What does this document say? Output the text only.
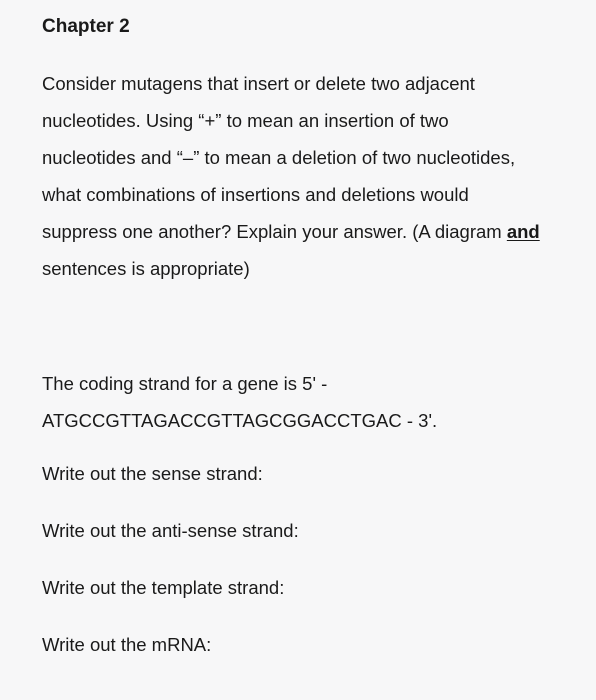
Chapter 2

Consider mutagens that insert or delete two adjacent nucleotides. Using “+” to mean an insertion of two nucleotides and “–” to mean a deletion of two nucleotides, what combinations of insertions and deletions would suppress one another? Explain your answer. (A diagram and sentences is appropriate)

The coding strand for a gene is 5' -
ATGCCGTTAGACCGTTAGCGGACCTGAC - 3'.

Write out the sense strand:

Write out the anti-sense strand:

Write out the template strand:

Write out the mRNA:
